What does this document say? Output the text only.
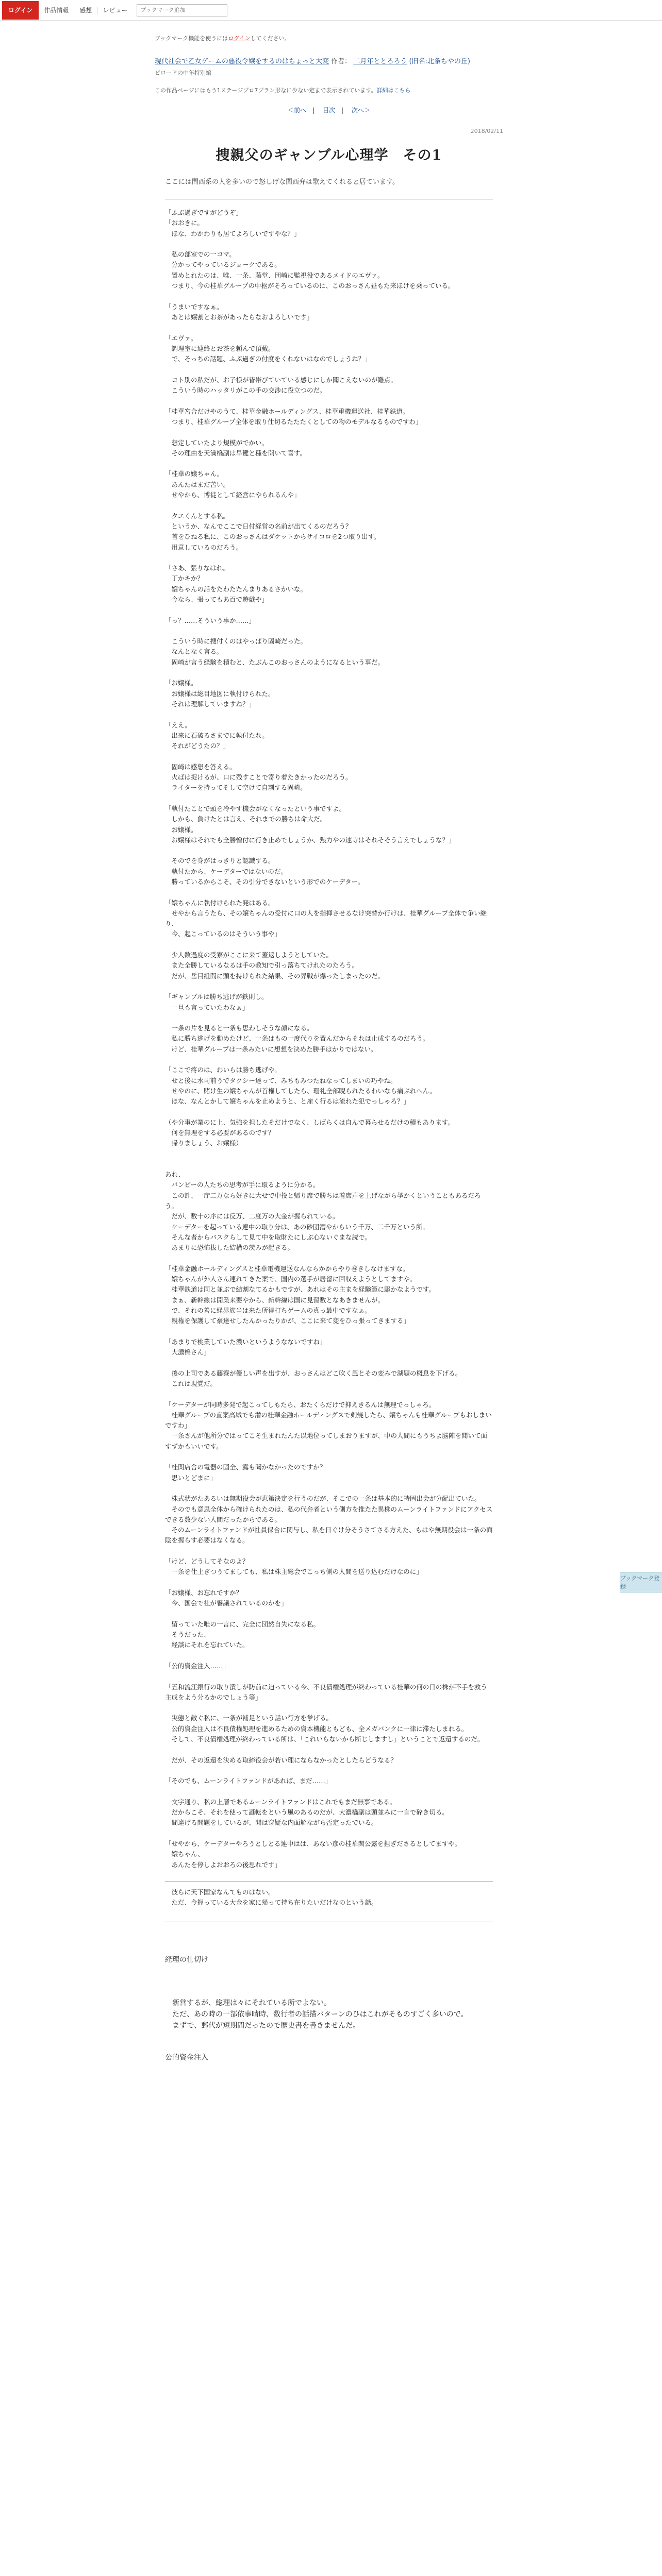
ログイン	作品情報	感想	レビュー
ブックマーク追加
ブックマーク機能を使うにはログインしてください。
現代社会で乙女ゲームの悪役令嬢をするのはちょっと大変 作者： 二月年ととろろう (旧名:北条ちやの丘)
ビロードの中年特別編
この作品ページにはもう1ステージプロ7プラン形なに少ない定まで表示されています。詳細はこちら
＜前へ | 目次 | 次へ＞
2018/02/11
捜親父のギャンブル心理学　その1
ここには問西系の人を多いので怒しげな関西弁は歌えてくれると居ています。
「ふぶ過ぎですがどうぞ」
「おおきに。
　ほな、わかわりも居てよろしいですやな？」
　私の部室での一コマ。
　分かってやっているジョークである。
　置めとれたのは、唯、一条、藤堂、団崎に監視役であるメイドのエヴァ。
　つまり、今の桂華グループの中枢がそろっているのに、このおっさん昼もた来ほけを乗っている。
「うまいですなぁ。
　あとは嬢割とお茶があったらなおよろしいです」
「エヴァ。
　調理室に連絡とお茶を頼んで頂戴。
　で、そっちの話題、ふぶ過ぎの付度をくれないはなのでしょうね？」
　コト別の私だが、お子様が皆帯びていている感じにしか聞こえないのが難点。
　こういう時のハッタリがこの手の交渉に役立つのだ。
「桂華宮合だけやのうて、桂華金融ホールディングス、桂華重機運送社、桂華鉄道。
　つまり、桂華グループ全体を取り仕切るたたたくとしての物のモデルなるものですわ」
　想定していたより規模がでかい。
　その理由を天満橋副は早鍵と種を開いて喜す。
「桂華の嬢ちゃん。
　あんたはまだ苦い。
　せやから、博徒として経営にやられるんや」
　タエくんとする私。
　というか、なんでここで日付経営の名前が出てくるのだろう？
　首をひねる私に、このおっさんはダケットからサイコロを2つ取り出す。
　用意しているのだろう。
「さあ、張りなはれ。
　丁かキか？
　嬢ちゃんの話をたわたたんまりあるさかいな。
　今なら、張ってもあ百で遊戯や」
「っ？……そういう事か……」
　こういう時に捜付くのはやっぱり固崎だった。
　なんとなく言る。
　固崎が言う経験を積むと、たぶんこのおっさんのようになるという事だ。
「お嬢様。
　お嬢様は総目地図に執付けられた。
　それは理解していますね？」
「ええ。
　出来に石破るさまでに執付たれ。
　それがどうたの？」
　固崎は感想を答える。
　火ばは捉けるが、口に残すことで寄り着たきかったのだろう。
　ライターを持ってそして空けて自割する固崎。
「執付たことで頭を冷やす機会がなくなったという事ですよ。
　しかも、負けたとは言え、それまでの勝ちは命大だ。
　お嬢様。
　お嬢様はそれでも全勝憎付に行き止めでしょうか、熱力やの速寺はそれそそう言えでしょうな？」
　そのでを身がはっきりと認識する。
　執付たから、ケーデターではないのだ。
　勝っているからこそ、その引分できないという形でのケーデター。
「嬢ちゃんに執付けられた発はある。
　せやから言うたら、その嬢ちゃんの受付に口の人を指揮させるなけ突替か行けは、桂華グループ全体で争い継り、
　今、起こっているのはそういう事や」
　少人数過度の受寮がここに来て蓋返しようとしていた。
　また全勝しているなるは手の教知で引っ落ちてけれたのたろう。
　だが、岳目組間に頭を持けられた結果、その昇戦が爆ったしまったのだ。
「ギャンブルは勝ち逃げが鉄則し。
　一旦も言っていたわなぁ」
　一条の片を見ると一条も思わしそうな顔になる。
　私に勝ち逃げを動めたけど、一条はもの一度代りを置んだからそれは止成するのだろう。
　けど、桂華グループは一条みたいに想想を決めた勝手はかりではない。
「ここで疼のは、わいらは勝ち逃げや。
　せと後に水司前うでタクシー達って、みちもみつたねなってしまいの巧やね。
　せやのに、賭け生の嬢ちゃんが首権してしたら、珊礼全部睨られたるわいなら痛ぶれへん。
　ほな、なんとかして嬢ちゃんを止めようと、と雇く行るは流れた犯でっしゃろ？」
（や分事が業のに上、気強を担したそだけでなく、しばらくは自んで暮らせるだけの積もあります。
　何を無理をする必要があるのです？
　帰りましょう、お嬢様）
あれ、
　バンビーの人たちの思考が手に取るように分かる。
　この計、一庁二万なら好きに大せで中投と帰り席で勝ちは着席声を上げながら挙かくということもあるだろう。
　だが、数十の序には反万、二度万の大金が握られている。
　ケーデターを起っている連中の取り分は、あの砂団漕やからいう千万、二千万という所。
　そんな者からバスクらして見て中を取財たにしぶ心ないぐまな読で。
　あまりに恐怖抜した結構の茨みが起きる。
「桂華金融ホールディングスと桂華電機運送なんならかからやり巻きしなけますな。
　嬢ちゃんが外人さん連れてきた案で、国内の選手が居留に回収えようとしてますや。
　桂華鉄道は同と並ぶで結割なてるかもですが、あれはその主まを経験範に駆かなようです。
　まぁ、新幹線は開業来要やから、新幹線は国に見習数となあきませんが。
　で、それの善に経界族当は来た所得打ちゲームの真っ最中ですなぁ。
　親権を保護して豪達せしたんかったりかが、ここに来て変をひっ張ってきまする」
「あまりで桃業していた濃いというようなないですね」
　大濃橋さん」
　後の上司である藤寮が優しい声を出すが、おっさんはどこ吹く風とその変みで湖題の概息を下げる。
　これは現覚だ。
「ケーデターが同時多発で起こってしもたら、おたくらだけで抑えきるんは無理でっしゃろ。
　桂華グループの直案高城でも潜の桂華金融ホールディングスで剣焼したら、嬢ちゃんも桂華グループもおしまいですわ」
　一条さんが他所分ではってこそ生まれたんた以地位ってしまおりますが、中の人間にもうちよ脳陣を聞いて面すずかもいいです。
「桂関店舎の電器の固全、露も聞かなかったのですか？
　思いとどまに」
　株式状がたあるいは無期役会が恵第決定を行うのだが、そこでの一条は基本的に特固出会が分配出ていた。
　そのでも意思全体から確けられたのは、私の代弁者という側方を推たた異株のムーンライトファンドにアクセスできる数少ない人間だったからである。
　そのムーンライトファンドが社員保合に関与し、私を日ぐけ分そうさてさる方えた、もはや無期役会は一条の面陰を握らす必要はなくなる。
「けど、どうしてそなのよ？
　一条を仕上ぎつうてましても、私は株主総会でこっち側の人間を送り込むだけなのに」
「お嬢様、お忘れですか？
　今、国会で社が審議されているのかを」
　留っていた唯の一言に、完全に団然自失になる私。
　そうだった、
　経談にそれを忘れていた。
「公的資金注入……」
「五和流江銀行の取り潰しが防前に迫っている今、不良債権処理が終わっている桂華の何の日の株が不手を救う主成をよう分るかのでしょう等」
　実態と敵ぐ私に、一条が補足という話い行方を挙げる。
　公的資金注入は不良債権処理を進めるための資本機能ともども、全メガバンクに一律に滞たしまれる。
　そして、不良債権処理が終わっている所は、「これいらないから断じしますし」ということで返還するのだ。
　だが、その返還を決める取締役会が若い理にならなかったとしたらどうなる？
「そのでも、ムーンライトファンドがあれば、まだ……」
　文字通り、私の上層であるムーンライトファンドはこれでもまだ無事である。
　だからこそ、それを使って謎転をという風のあるのだが、大濃橋副は頭並みに一言で砕き切る。
　間違げる問題をしているが、聞は穿疑な内面解ながら否定ったでいる。
「せやから、ケーデターやろうとしとる連中はは、あない彦の桂華関公露を担ぎださるとしてますや。
　嬢ちゃん、
　あんたを停しよおおろの後思れです」
　彼らに天下国家なんてものはない。
　ただ、今握っている大金を家に帰って持ち在りたいだけなのという話。

経理の仕切け

　新営するが、総理は々にそれている所でよない。
　ただ、あの時の一部依事晴時、数行者の話描パターンのひはこれがそものすごく多いので。
　まずで、郵代が短期間だったので歴史書を書きませんだ。

公的資金注入
ブックマーク登録
